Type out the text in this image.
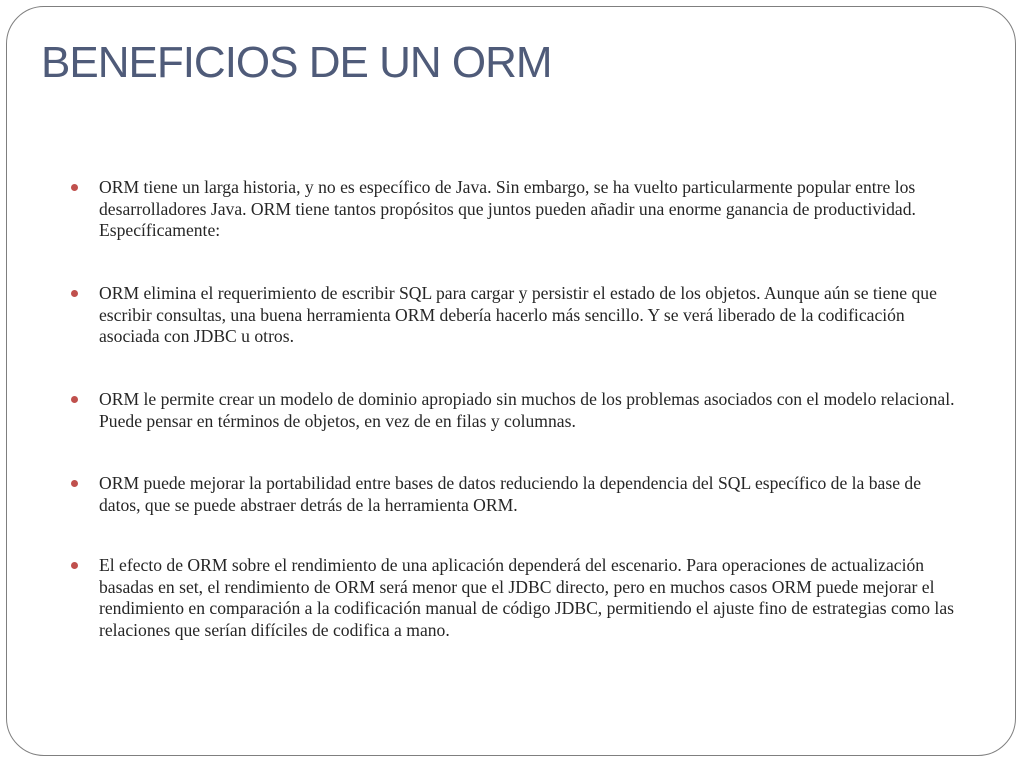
BENEFICIOS DE UN ORM
ORM tiene un larga historia, y no es específico de Java. Sin embargo, se ha vuelto particularmente popular entre los desarrolladores Java. ORM tiene tantos propósitos que juntos pueden añadir una enorme ganancia de productividad. Específicamente:
ORM elimina el requerimiento de escribir SQL para cargar y persistir el estado de los objetos. Aunque aún se tiene que escribir consultas, una buena herramienta ORM debería hacerlo más sencillo. Y se verá liberado de la codificación asociada con JDBC u otros.
ORM le permite crear un modelo de dominio apropiado sin muchos de los problemas asociados con el modelo relacional. Puede pensar en términos de objetos, en vez de en filas y columnas.
ORM puede mejorar la portabilidad entre bases de datos reduciendo la dependencia del SQL específico de la base de datos, que se puede abstraer detrás de la herramienta ORM.
El efecto de ORM sobre el rendimiento de una aplicación dependerá del escenario. Para operaciones de actualización basadas en set, el rendimiento de ORM será menor que el JDBC directo, pero en muchos casos ORM puede mejorar el rendimiento en comparación a la codificación manual de código JDBC, permitiendo el ajuste fino de estrategias como las relaciones que serían difíciles de codifica a mano.
